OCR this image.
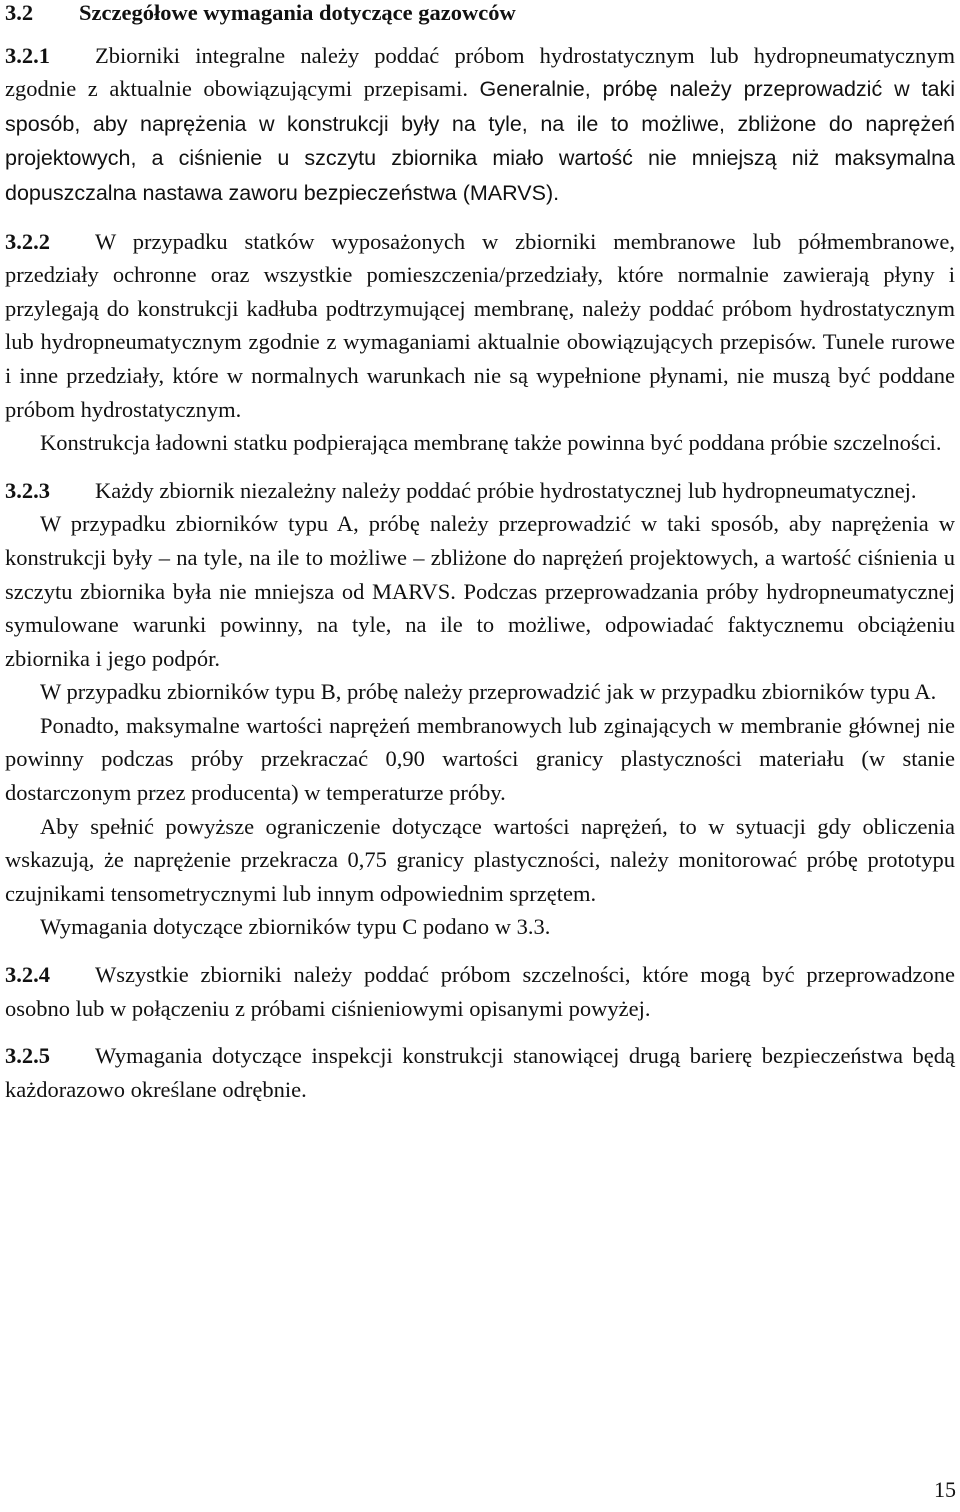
3.2 Szczegółowe wymagania dotyczące gazowców

3.2.1 Zbiorniki integralne należy poddać próbom hydrostatycznym lub hydropneumatycznym zgodnie z aktualnie obowiązującymi przepisami. Generalnie, próbę należy przeprowadzić w taki sposób, aby naprężenia w konstrukcji były na tyle, na ile to możliwe, zbliżone do naprężeń projektowych, a ciśnienie u szczytu zbiornika miało wartość nie mniejszą niż maksymalna dopuszczalna nastawa zaworu bezpieczeństwa (MARVS).

3.2.2 W przypadku statków wyposażonych w zbiorniki membranowe lub półmembranowe, przedziały ochronne oraz wszystkie pomieszczenia/przedziały, które normalnie zawierają płyny i przylegają do konstrukcji kadłuba podtrzymującej membranę, należy poddać próbom hydrostatycznym lub hydropneumatycznym zgodnie z wymaganiami aktualnie obowiązujących przepisów. Tunele rurowe i inne przedziały, które w normalnych warunkach nie są wypełnione płynami, nie muszą być poddane próbom hydrostatycznym.

Konstrukcja ładowni statku podpierająca membranę także powinna być poddana próbie szczelności.

3.2.3 Każdy zbiornik niezależny należy poddać próbie hydrostatycznej lub hydropneumatycznej.

W przypadku zbiorników typu A, próbę należy przeprowadzić w taki sposób, aby naprężenia w konstrukcji były – na tyle, na ile to możliwe – zbliżone do naprężeń projektowych, a wartość ciśnienia u szczytu zbiornika była nie mniejsza od MARVS. Podczas przeprowadzania próby hydropneumatycznej symulowane warunki powinny, na tyle, na ile to możliwe, odpowiadać faktycznemu obciążeniu zbiornika i jego podpór.

W przypadku zbiorników typu B, próbę należy przeprowadzić jak w przypadku zbiorników typu A.

Ponadto, maksymalne wartości naprężeń membranowych lub zginających w membranie głównej nie powinny podczas próby przekraczać 0,90 wartości granicy plastyczności materiału (w stanie dostarczonym przez producenta) w temperaturze próby.

Aby spełnić powyższe ograniczenie dotyczące wartości naprężeń, to w sytuacji gdy obliczenia wskazują, że naprężenie przekracza 0,75 granicy plastyczności, należy monitorować próbę prototypu czujnikami tensometrycznymi lub innym odpowiednim sprzętem.

Wymagania dotyczące zbiorników typu C podano w 3.3.

3.2.4 Wszystkie zbiorniki należy poddać próbom szczelności, które mogą być przeprowadzone osobno lub w połączeniu z próbami ciśnieniowymi opisanymi powyżej.

3.2.5 Wymagania dotyczące inspekcji konstrukcji stanowiącej drugą barierę bezpieczeństwa będą każdorazowo określane odrębnie.

15
